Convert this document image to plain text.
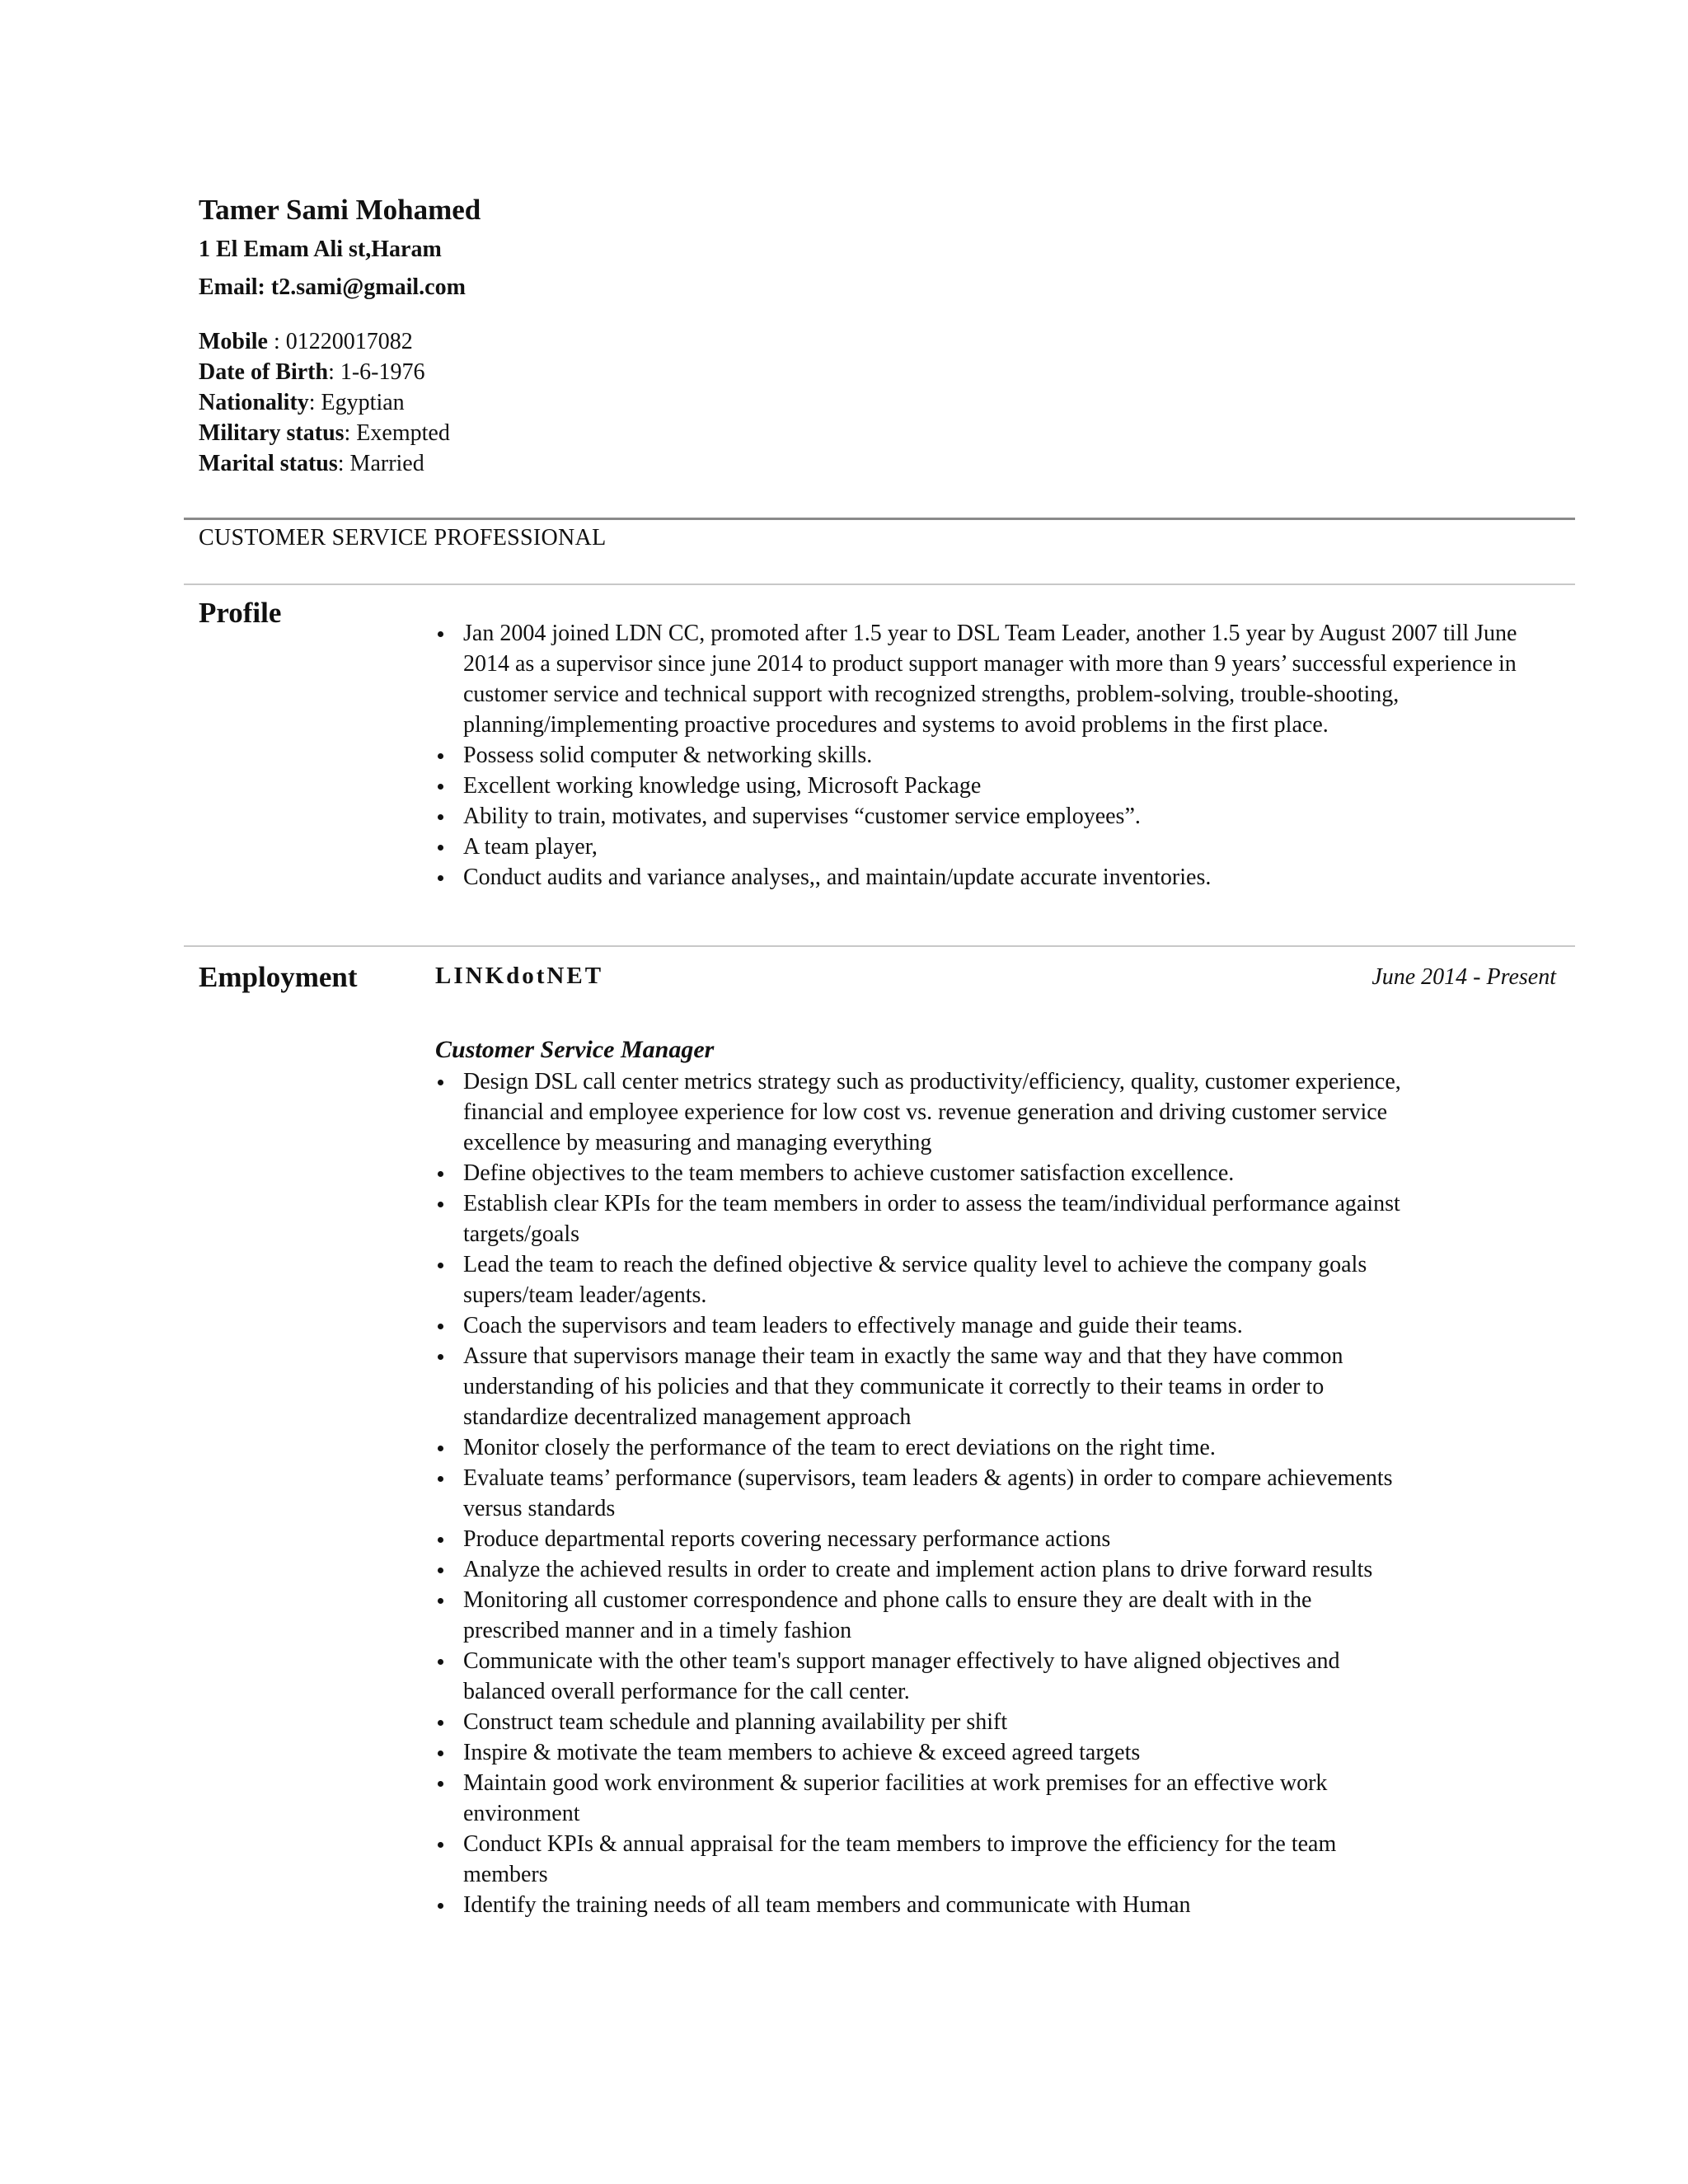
Tamer Sami Mohamed

1 El Emam Ali st,Haram

Email: t2.sami@gmail.com

Mobile : 01220017082

Date of Birth: 1-6-1976

Nationality: Egyptian

Military status: Exempted

Marital status: Married

CUSTOMER SERVICE PROFESSIONAL
Profile
Jan 2004 joined LDN CC, promoted after 1.5 year to DSL Team Leader, another 1.5 year by August 2007 till June 2014 as a supervisor since june 2014 to product support manager with more than 9 years’ successful experience in customer service and technical support with recognized strengths, problem-solving, trouble-shooting, planning/implementing proactive procedures and systems to avoid problems in the first place.
Possess solid computer & networking skills.
Excellent working knowledge using, Microsoft Package
Ability to train, motivates, and supervises “customer service employees”.
A team player,
Conduct audits and variance analyses,, and maintain/update accurate inventories.
Employment	LINKdotNET	June 2014 - Present
Customer Service Manager
Design DSL call center metrics strategy such as productivity/efficiency, quality, customer experience, financial and employee experience for low cost vs. revenue generation and driving customer service excellence by measuring and managing everything
Define objectives to the team members to achieve customer satisfaction excellence.
Establish clear KPIs for the team members in order to assess the team/individual performance against targets/goals
Lead the team to reach the defined objective & service quality level to achieve the company goals supers/team leader/agents.
Coach the supervisors and team leaders to effectively manage and guide their teams.
Assure that supervisors manage their team in exactly the same way and that they have common understanding of his policies and that they communicate it correctly to their teams in order to standardize decentralized management approach
Monitor closely the performance of the team to erect deviations on the right time.
Evaluate teams’ performance (supervisors, team leaders & agents) in order to compare achievements versus standards
Produce departmental reports covering necessary performance actions
Analyze the achieved results in order to create and implement action plans to drive forward results
Monitoring all customer correspondence and phone calls to ensure they are dealt with in the prescribed manner and in a timely fashion
Communicate with the other team's support manager effectively to have aligned objectives and balanced overall performance for the call center.
Construct team schedule and planning availability per shift
Inspire & motivate the team members to achieve & exceed agreed targets
Maintain good work environment & superior facilities at work premises for an effective work environment
Conduct KPIs & annual appraisal for the team members to improve the efficiency for the team members
Identify the training needs of all team members and communicate with Human
